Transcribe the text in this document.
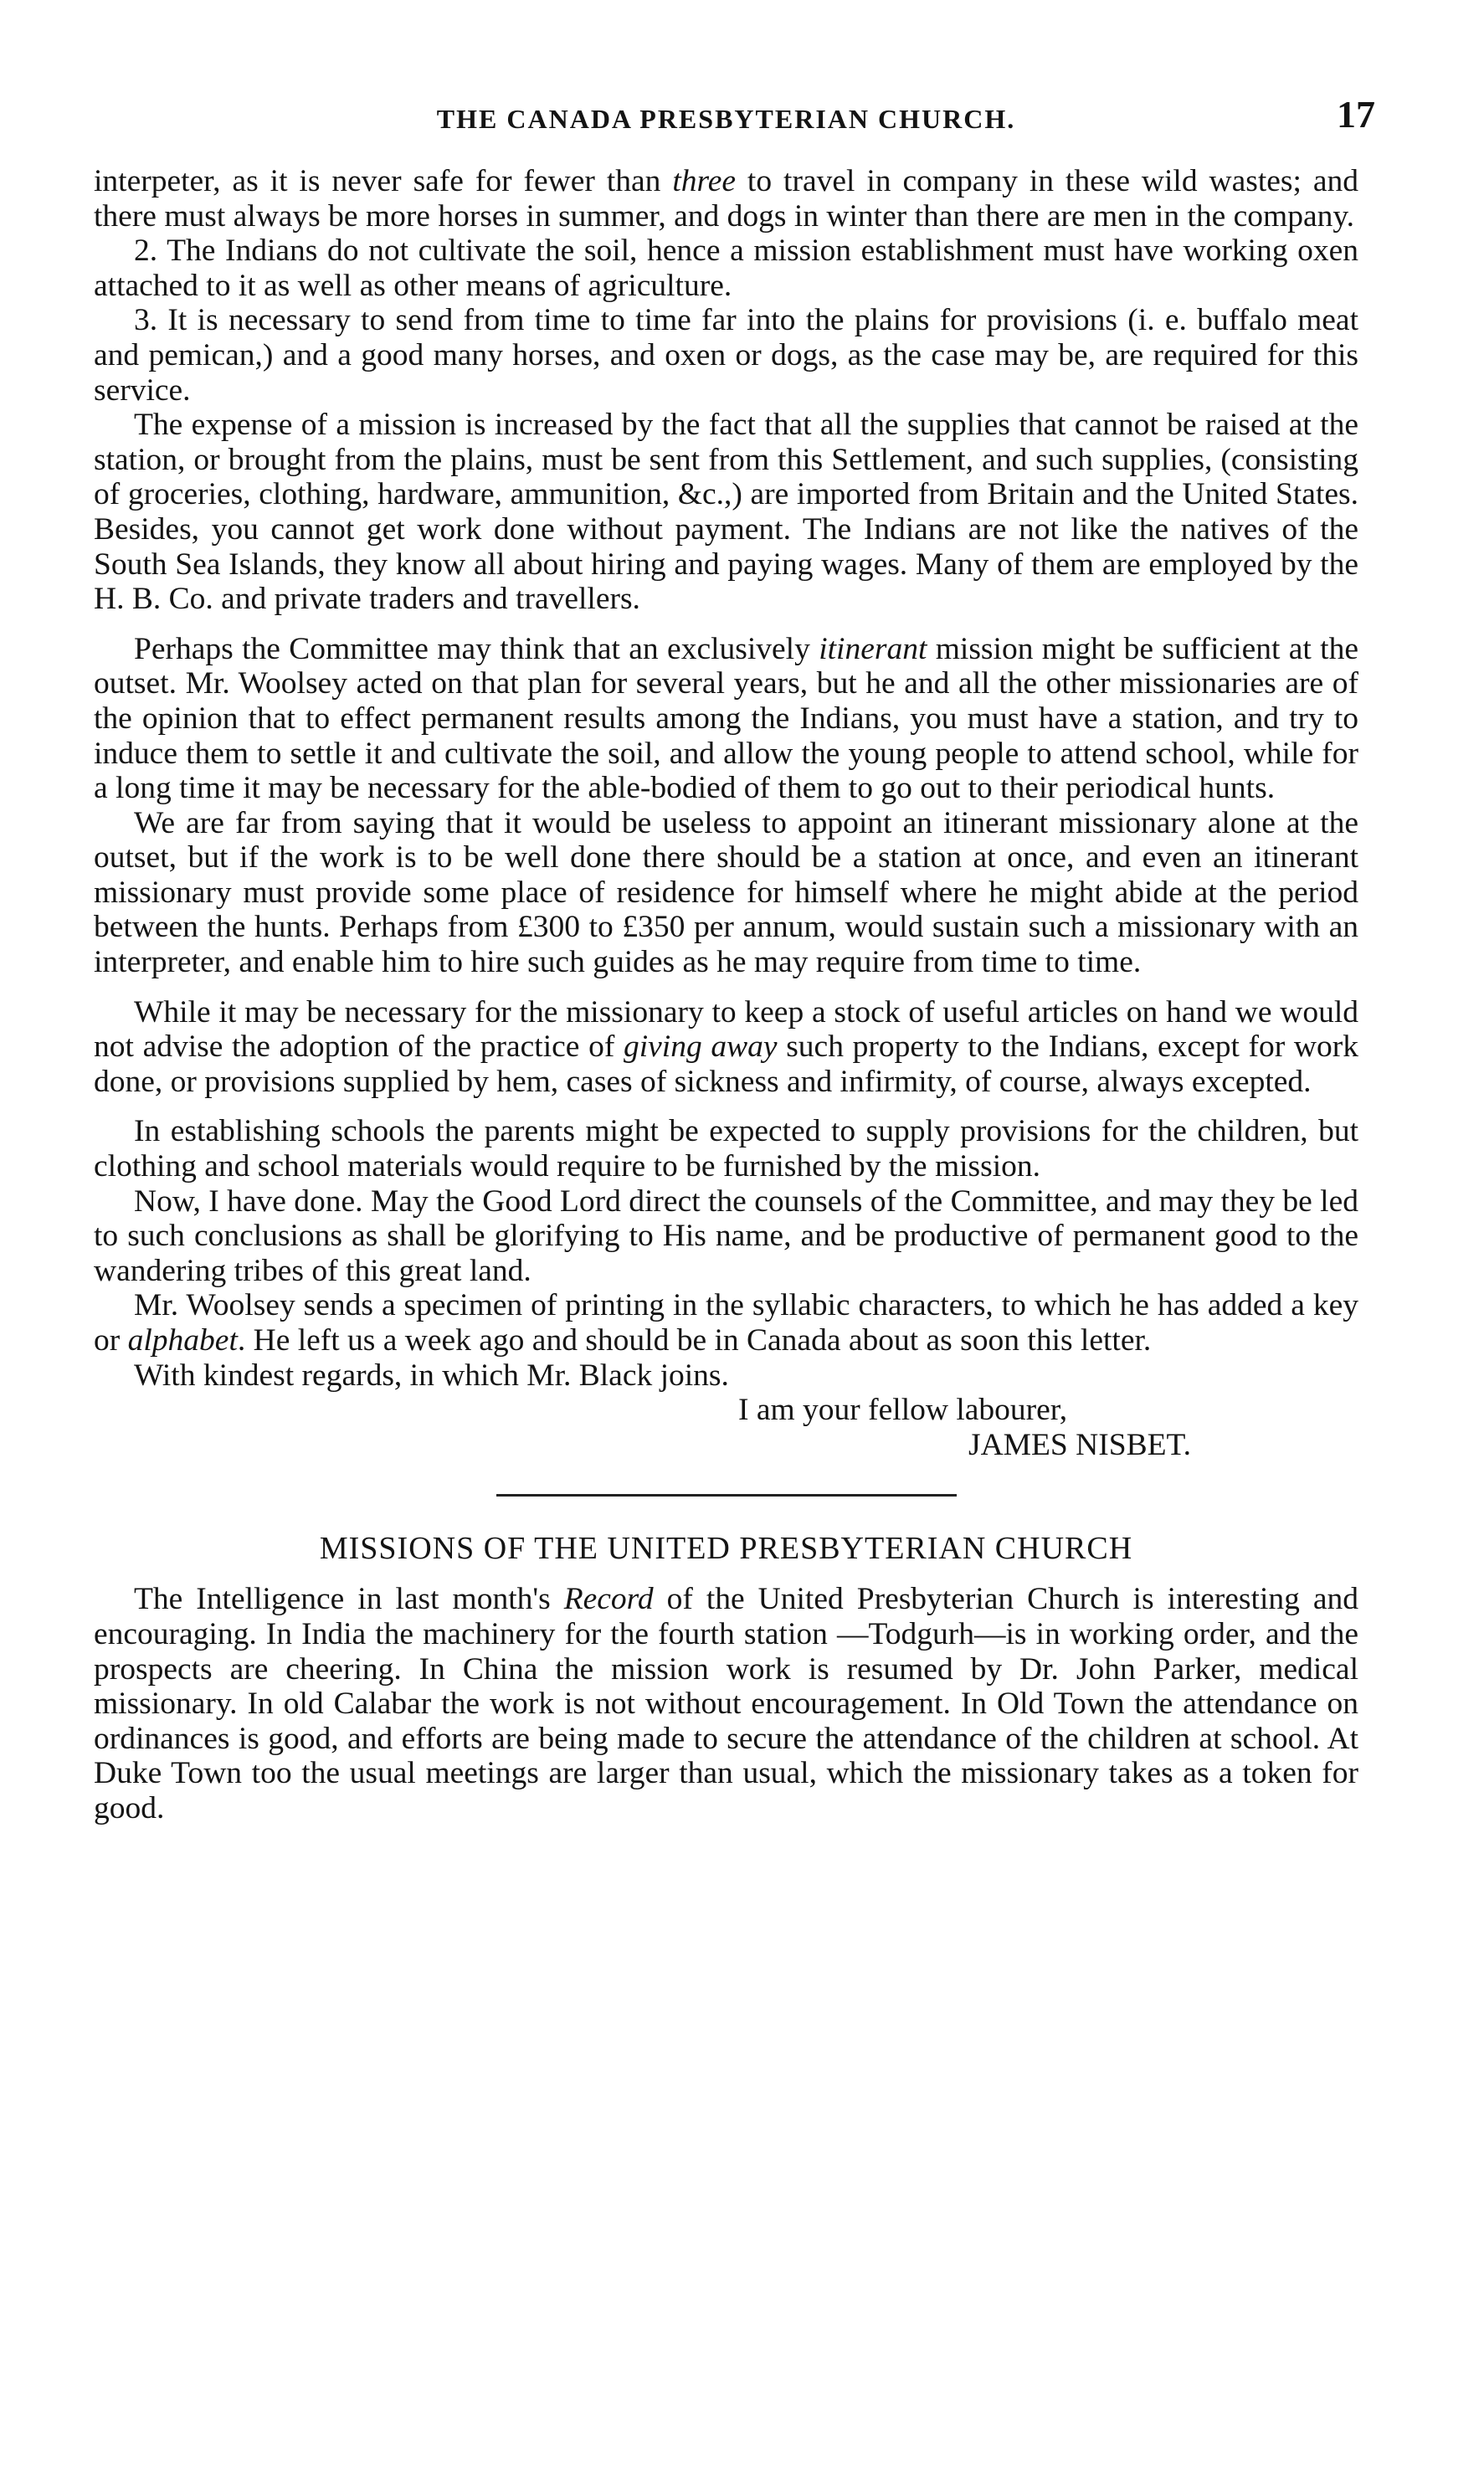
THE CANADA PRESBYTERIAN CHURCH.	17

interpeter, as it is never safe for fewer than three to travel in company in these wild wastes; and there must always be more horses in summer, and dogs in winter than there are men in the company.

2. The Indians do not cultivate the soil, hence a mission establishment must have working oxen attached to it as well as other means of agriculture.

3. It is necessary to send from time to time far into the plains for provisions (i. e. buffalo meat and pemican,) and a good many horses, and oxen or dogs, as the case may be, are required for this service.

The expense of a mission is increased by the fact that all the supplies that cannot be raised at the station, or brought from the plains, must be sent from this Settlement, and such supplies, (consisting of groceries, clothing, hardware, ammunition, &c.,) are imported from Britain and the United States. Besides, you cannot get work done without payment. The Indians are not like the natives of the South Sea Islands, they know all about hiring and paying wages. Many of them are employed by the H. B. Co. and private traders and travellers.

Perhaps the Committee may think that an exclusively itinerant mission might be sufficient at the outset. Mr. Woolsey acted on that plan for several years, but he and all the other missionaries are of the opinion that to effect permanent results among the Indians, you must have a station, and try to induce them to settle it and cultivate the soil, and allow the young people to attend school, while for a long time it may be necessary for the able-bodied of them to go out to their periodical hunts.

We are far from saying that it would be useless to appoint an itinerant missionary alone at the outset, but if the work is to be well done there should be a station at once, and even an itinerant missionary must provide some place of residence for himself where he might abide at the period between the hunts. Perhaps from £300 to £350 per annum, would sustain such a missionary with an interpreter, and enable him to hire such guides as he may require from time to time.

While it may be necessary for the missionary to keep a stock of useful articles on hand we would not advise the adoption of the practice of giving away such property to the Indians, except for work done, or provisions supplied by hem, cases of sickness and infirmity, of course, always excepted.

In establishing schools the parents might be expected to supply provisions for the children, but clothing and school materials would require to be furnished by the mission.

Now, I have done. May the Good Lord direct the counsels of the Committee, and may they be led to such conclusions as shall be glorifying to His name, and be productive of permanent good to the wandering tribes of this great land.

Mr. Woolsey sends a specimen of printing in the syllabic characters, to which he has added a key or alphabet. He left us a week ago and should be in Canada about as soon this letter.

With kindest regards, in which Mr. Black joins.

I am your fellow labourer,

JAMES NISBET.

MISSIONS OF THE UNITED PRESBYTERIAN CHURCH

The Intelligence in last month's Record of the United Presbyterian Church is interesting and encouraging. In India the machinery for the fourth station —Todgurh—is in working order, and the prospects are cheering. In China the mission work is resumed by Dr. John Parker, medical missionary. In old Calabar the work is not without encouragement. In Old Town the attendance on ordinances is good, and efforts are being made to secure the attendance of the children at school. At Duke Town too the usual meetings are larger than usual, which the missionary takes as a token for good.
